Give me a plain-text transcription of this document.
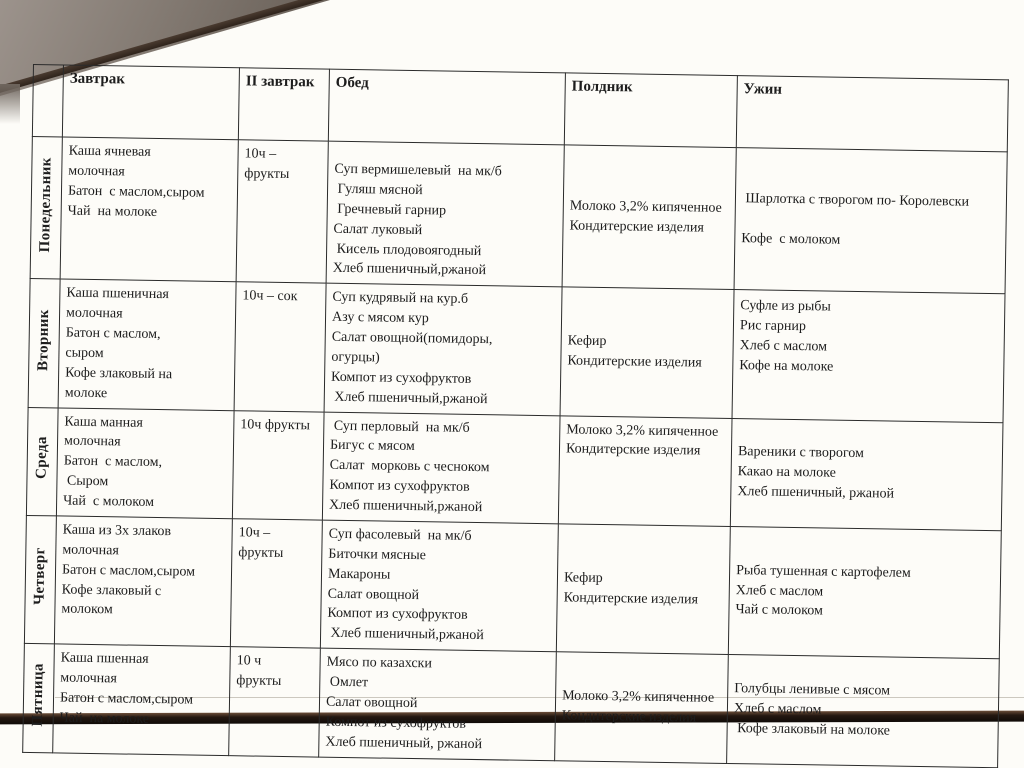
	Завтрак	II завтрак	Обед	Полдник	Ужин
Понедельник	Каша ячневая
молочная
Батон  с маслом,сыром
Чай  на молоке	10ч –
фрукты	Суп вермишелевый  на мк/б
Гуляш мясной
Гречневый гарнир
Салат луковый
Кисель плодовоягодный
Хлеб пшеничный,ржаной	Молоко 3,2% кипяченное
Кондитерские изделия	Шарлотка с творогом по- Королевски

Кофе  с молоком
Вторник	Каша пшеничная
молочная
Батон с маслом,
сыром
Кофе злаковый на
молоке	10ч – сок	Суп кудрявый на кур.б
Азу с мясом кур
Салат овощной(помидоры,
огурцы)
Компот из сухофруктов
Хлеб пшеничный,ржаной	Кефир
Кондитерские изделия	Суфле из рыбы
Рис гарнир
Хлеб с маслом
Кофе на молоке
Среда	Каша манная
молочная
Батон  с маслом,
Сыром
Чай  с молоком	10ч фрукты	Суп перловый  на мк/б
Бигус с мясом
Салат  морковь с чесноком
Компот из сухофруктов
Хлеб пшеничный,ржаной	Молоко 3,2% кипяченное
Кондитерские изделия	Вареники с творогом
Какао на молоке
Хлеб пшеничный, ржаной
Четверг	Каша из 3х злаков
молочная
Батон с маслом,сыром
Кофе злаковый с
молоком	10ч –
фрукты	Суп фасолевый  на мк/б
Биточки мясные
Макароны
Салат овощной
Компот из сухофруктов
Хлеб пшеничный,ржаной	Кефир
Кондитерские изделия	Рыба тушенная с картофелем
Хлеб с маслом
Чай с молоком
Пятница	Каша пшенная
молочная
Батон с маслом,сыром
Чай  на молоке	10 ч
фрукты	Мясо по казахски
Омлет
Салат овощной
Компот из сухофруктов
Хлеб пшеничный, ржаной	Молоко 3,2% кипяченное
Кондитерские изделия	Голубцы ленивые с мясом
Хлеб с маслом
Кофе злаковый на молоке
